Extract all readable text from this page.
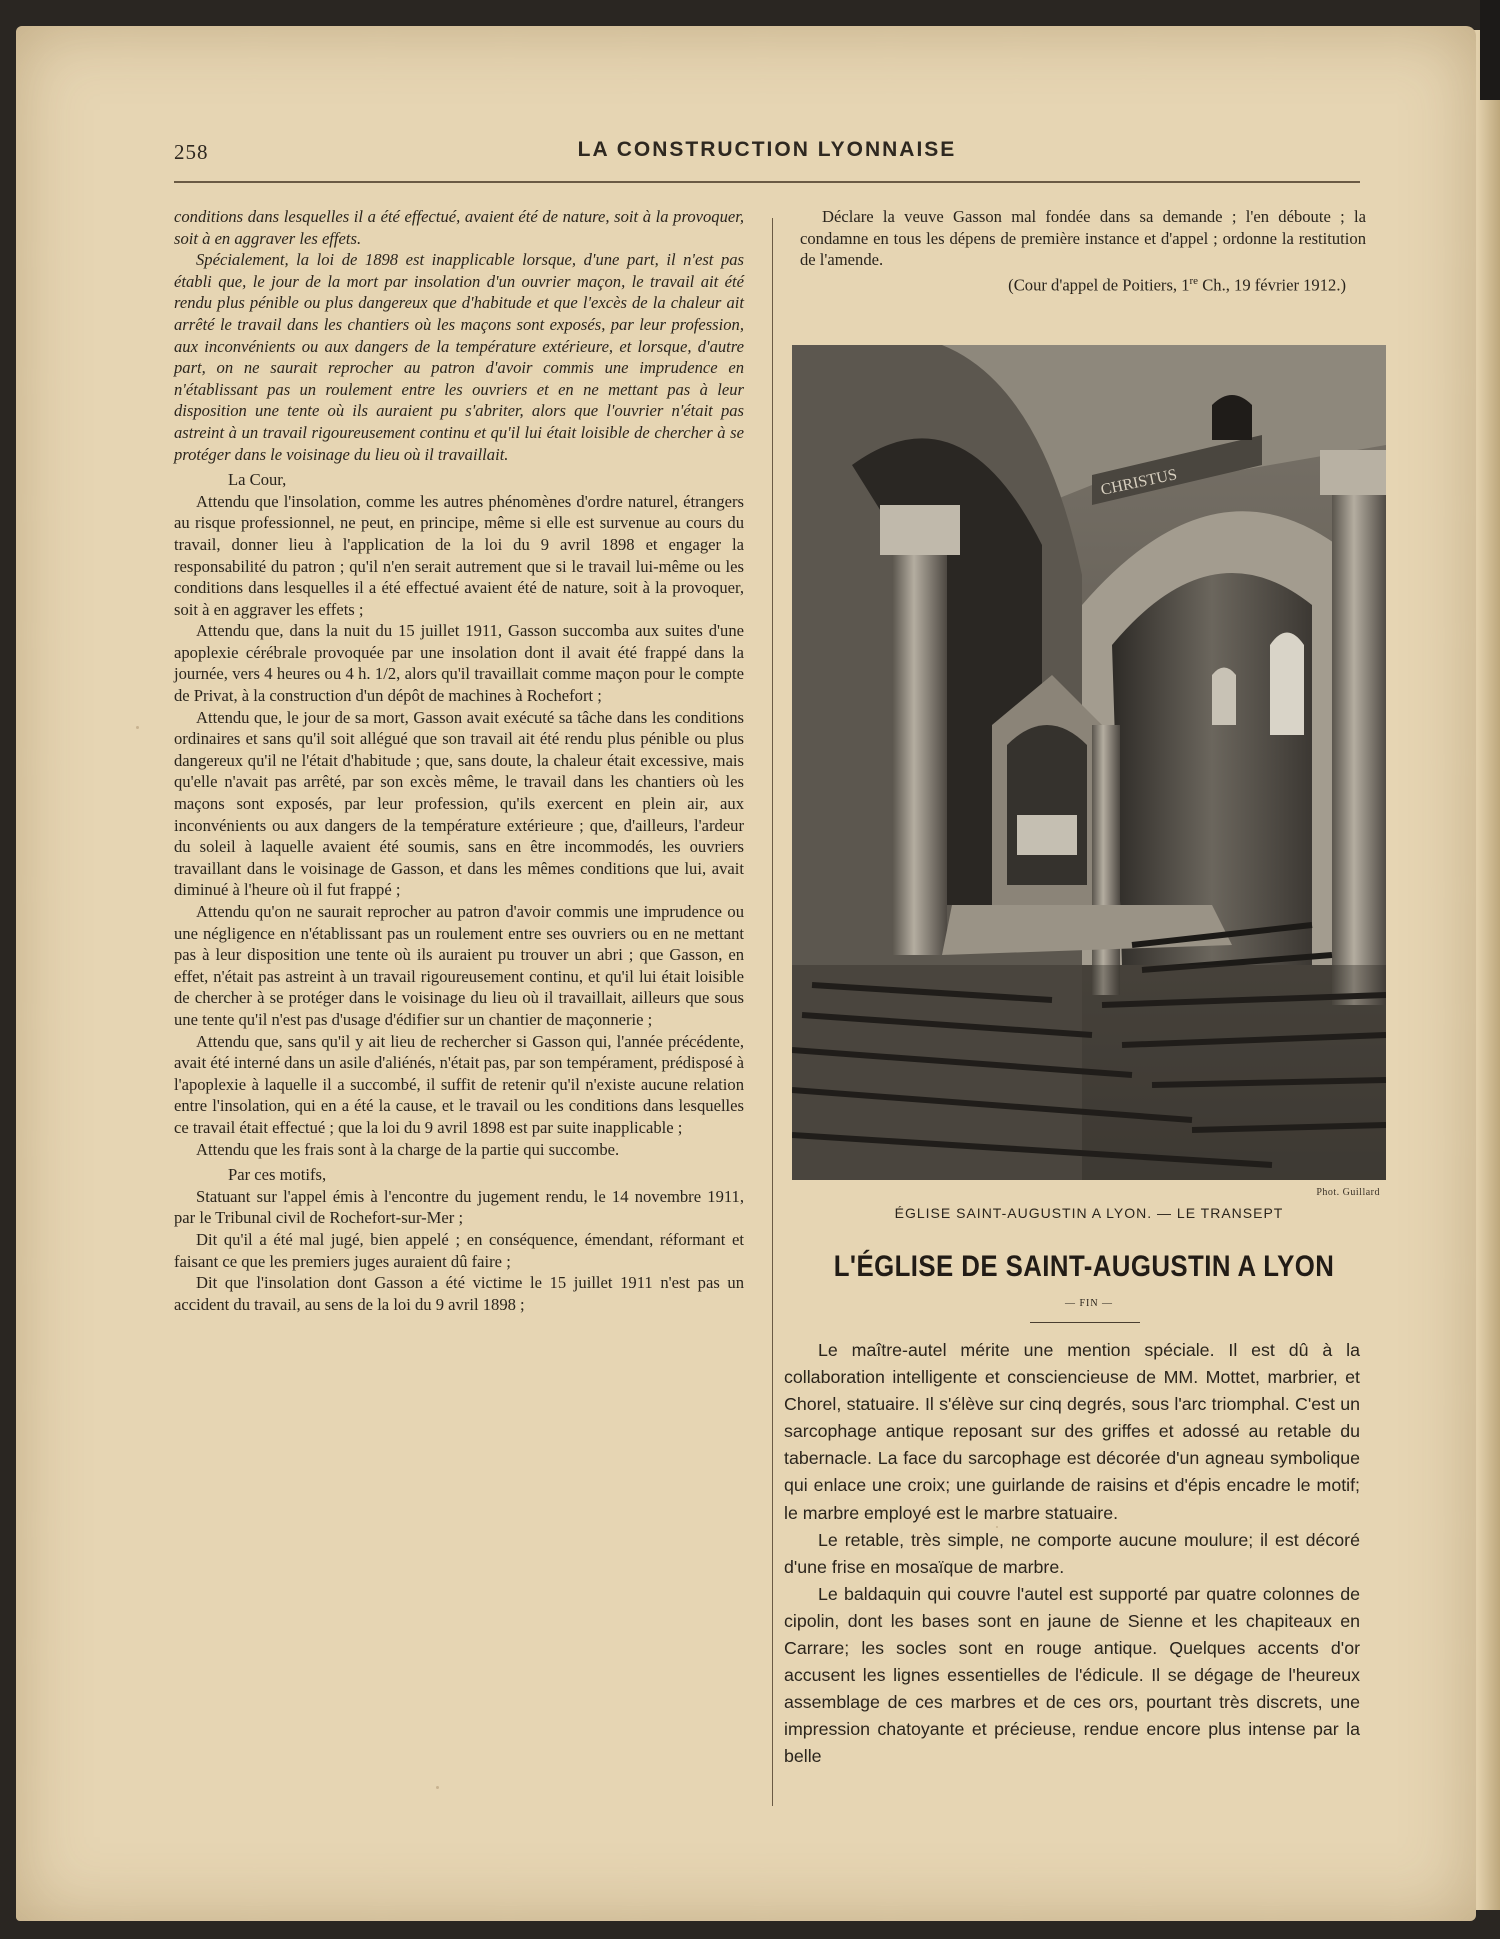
258	LA CONSTRUCTION LYONNAISE

conditions dans lesquelles il a été effectué, avaient été de nature, soit à la provoquer, soit à en aggraver les effets.

Spécialement, la loi de 1898 est inapplicable lorsque, d'une part, il n'est pas établi que, le jour de la mort par insolation d'un ouvrier maçon, le travail ait été rendu plus pénible ou plus dangereux que d'habitude et que l'excès de la chaleur ait arrêté le travail dans les chantiers où les maçons sont exposés, par leur profession, aux inconvénients ou aux dangers de la température extérieure, et lorsque, d'autre part, on ne saurait reprocher au patron d'avoir commis une imprudence en n'établissant pas un roulement entre les ouvriers et en ne mettant pas à leur disposition une tente où ils auraient pu s'abriter, alors que l'ouvrier n'était pas astreint à un travail rigoureusement continu et qu'il lui était loisible de chercher à se protéger dans le voisinage du lieu où il travaillait.

La Cour,

Attendu que l'insolation, comme les autres phénomènes d'ordre naturel, étrangers au risque professionnel, ne peut, en principe, même si elle est survenue au cours du travail, donner lieu à l'application de la loi du 9 avril 1898 et engager la responsabilité du patron ; qu'il n'en serait autrement que si le travail lui-même ou les conditions dans lesquelles il a été effectué avaient été de nature, soit à la provoquer, soit à en aggraver les effets ;

Attendu que, dans la nuit du 15 juillet 1911, Gasson succomba aux suites d'une apoplexie cérébrale provoquée par une insolation dont il avait été frappé dans la journée, vers 4 heures ou 4 h. 1/2, alors qu'il travaillait comme maçon pour le compte de Privat, à la construction d'un dépôt de machines à Rochefort ;

Attendu que, le jour de sa mort, Gasson avait exécuté sa tâche dans les conditions ordinaires et sans qu'il soit allégué que son travail ait été rendu plus pénible ou plus dangereux qu'il ne l'était d'habitude ; que, sans doute, la chaleur était excessive, mais qu'elle n'avait pas arrêté, par son excès même, le travail dans les chantiers où les maçons sont exposés, par leur profession, qu'ils exercent en plein air, aux inconvénients ou aux dangers de la température extérieure ; que, d'ailleurs, l'ardeur du soleil à laquelle avaient été soumis, sans en être incommodés, les ouvriers travaillant dans le voisinage de Gasson, et dans les mêmes conditions que lui, avait diminué à l'heure où il fut frappé ;

Attendu qu'on ne saurait reprocher au patron d'avoir commis une imprudence ou une négligence en n'établissant pas un roulement entre ses ouvriers ou en ne mettant pas à leur disposition une tente où ils auraient pu trouver un abri ; que Gasson, en effet, n'était pas astreint à un travail rigoureusement continu, et qu'il lui était loisible de chercher à se protéger dans le voisinage du lieu où il travaillait, ailleurs que sous une tente qu'il n'est pas d'usage d'édifier sur un chantier de maçonnerie ;

Attendu que, sans qu'il y ait lieu de rechercher si Gasson qui, l'année précédente, avait été interné dans un asile d'aliénés, n'était pas, par son tempérament, prédisposé à l'apoplexie à laquelle il a succombé, il suffit de retenir qu'il n'existe aucune relation entre l'insolation, qui en a été la cause, et le travail ou les conditions dans lesquelles ce travail était effectué ; que la loi du 9 avril 1898 est par suite inapplicable ;

Attendu que les frais sont à la charge de la partie qui succombe.

Par ces motifs,

Statuant sur l'appel émis à l'encontre du jugement rendu, le 14 novembre 1911, par le Tribunal civil de Rochefort-sur-Mer ;

Dit qu'il a été mal jugé, bien appelé ; en conséquence, émendant, réformant et faisant ce que les premiers juges auraient dû faire ;

Dit que l'insolation dont Gasson a été victime le 15 juillet 1911 n'est pas un accident du travail, au sens de la loi du 9 avril 1898 ;

Déclare la veuve Gasson mal fondée dans sa demande ; l'en déboute ; la condamne en tous les dépens de première instance et d'appel ; ordonne la restitution de l'amende.

(Cour d'appel de Poitiers, 1re Ch., 19 février 1912.)

CHRISTUS
Phot. Guillard
ÉGLISE SAINT-AUGUSTIN A LYON. — LE TRANSEPT
L'ÉGLISE DE SAINT-AUGUSTIN A LYON
— FIN —

Le maître-autel mérite une mention spéciale. Il est dû à la collaboration intelligente et consciencieuse de MM. Mottet, marbrier, et Chorel, statuaire. Il s'élève sur cinq degrés, sous l'arc triomphal. C'est un sarcophage antique reposant sur des griffes et adossé au retable du tabernacle. La face du sarcophage est décorée d'un agneau symbolique qui enlace une croix; une guirlande de raisins et d'épis encadre le motif; le marbre employé est le marbre statuaire.

Le retable, très simple, ne comporte aucune moulure; il est décoré d'une frise en mosaïque de marbre.

Le baldaquin qui couvre l'autel est supporté par quatre colonnes de cipolin, dont les bases sont en jaune de Sienne et les chapiteaux en Carrare; les socles sont en rouge antique. Quelques accents d'or accusent les lignes essentielles de l'édicule. Il se dégage de l'heureux assemblage de ces marbres et de ces ors, pourtant très discrets, une impression chatoyante et précieuse, rendue encore plus intense par la belle
